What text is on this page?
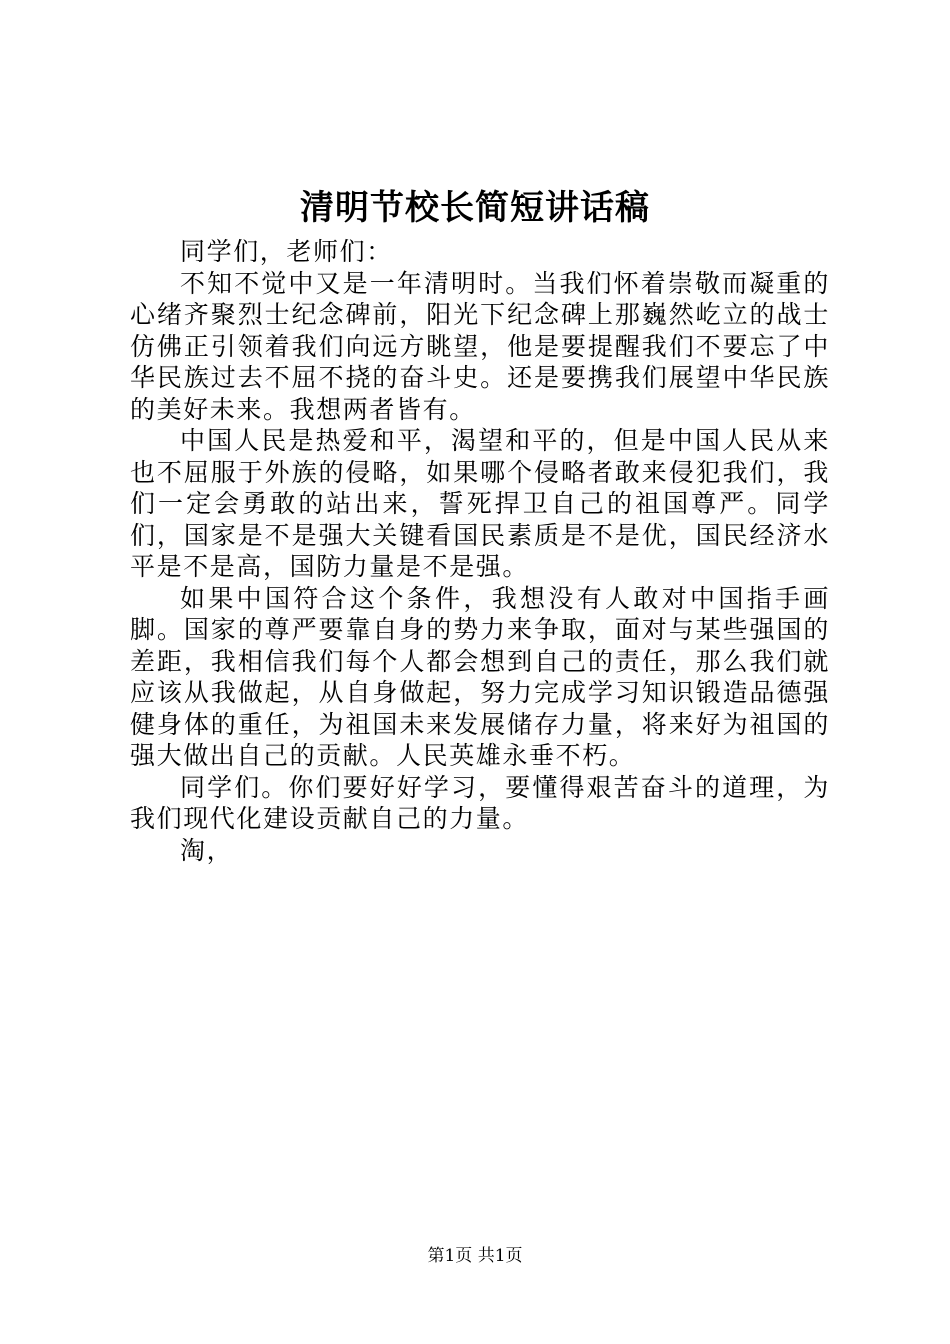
清明节校长简短讲话稿

同学们，老师们：

不知不觉中又是一年清明时。当我们怀着崇敬而凝重的心绪齐聚烈士纪念碑前，阳光下纪念碑上那巍然屹立的战士仿佛正引领着我们向远方眺望，他是要提醒我们不要忘了中华民族过去不屈不挠的奋斗史。还是要携我们展望中华民族的美好未来。我想两者皆有。

中国人民是热爱和平，渴望和平的，但是中国人民从来也不屈服于外族的侵略，如果哪个侵略者敢来侵犯我们，我们一定会勇敢的站出来，誓死捍卫自己的祖国尊严。同学们，国家是不是强大关键看国民素质是不是优，国民经济水平是不是高，国防力量是不是强。

如果中国符合这个条件，我想没有人敢对中国指手画脚。国家的尊严要靠自身的势力来争取，面对与某些强国的差距，我相信我们每个人都会想到自己的责任，那么我们就应该从我做起，从自身做起，努力完成学习知识锻造品德强健身体的重任，为祖国未来发展储存力量，将来好为祖国的强大做出自己的贡献。人民英雄永垂不朽。

同学们。你们要好好学习，要懂得艰苦奋斗的道理，为我们现代化建设贡献自己的力量。

淘，

第1页 共1页
